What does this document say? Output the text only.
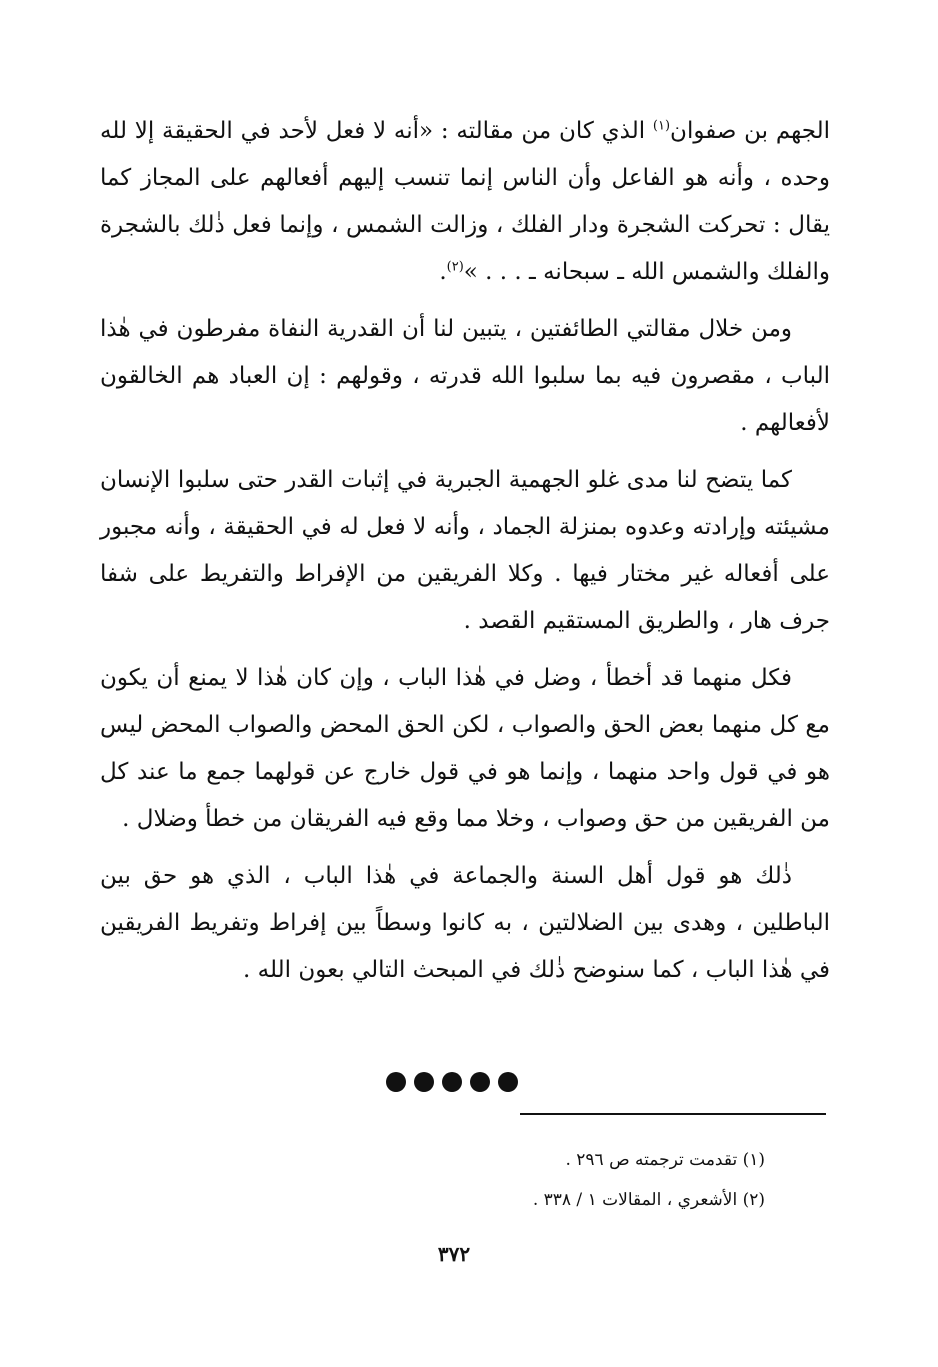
الجهم بن صفوان$^{(١)}$ الذي كان من مقالته : «أنه لا فعل لأحد في الحقيقة إلا لله وحده ، وأنه هو الفاعل وأن الناس إنما تنسب إليهم أفعالهم على المجاز كما يقال : تحركت الشجرة ودار الفلك ، وزالت الشمس ، وإنما فعل ذٰلك بالشجرة والفلك والشمس الله ـ سبحانه ـ . . . »$^{(٢)}$.

ومن خلال مقالتي الطائفتين ، يتبين لنا أن القدرية النفاة مفرطون في هٰذا الباب ، مقصرون فيه بما سلبوا الله قدرته ، وقولهم : إن العباد هم الخالقون لأفعالهم .

كما يتضح لنا مدى غلو الجهمية الجبرية في إثبات القدر حتى سلبوا الإنسان مشيئته وإرادته وعدوه بمنزلة الجماد ، وأنه لا فعل له في الحقيقة ، وأنه مجبور على أفعاله غير مختار فيها . وكلا الفريقين من الإفراط والتفريط على شفا جرف هار ، والطريق المستقيم القصد .

فكل منهما قد أخطأ ، وضل في هٰذا الباب ، وإن كان هٰذا لا يمنع أن يكون مع كل منهما بعض الحق والصواب ، لكن الحق المحض والصواب المحض ليس هو في قول واحد منهما ، وإنما هو في قول خارج عن قولهما جمع ما عند كل من الفريقين من حق وصواب ، وخلا مما وقع فيه الفريقان من خطأ وضلال .

ذٰلك هو قول أهل السنة والجماعة في هٰذا الباب ، الذي هو حق بين الباطلين ، وهدى بين الضلالتين ، به كانوا وسطاً بين إفراط وتفريط الفريقين في هٰذا الباب ، كما سنوضح ذٰلك في المبحث التالي بعون الله .

(١) تقدمت ترجمته ص ٢٩٦ .

(٢) الأشعري ، المقالات ١ / ٣٣٨ .

٣٧٢
